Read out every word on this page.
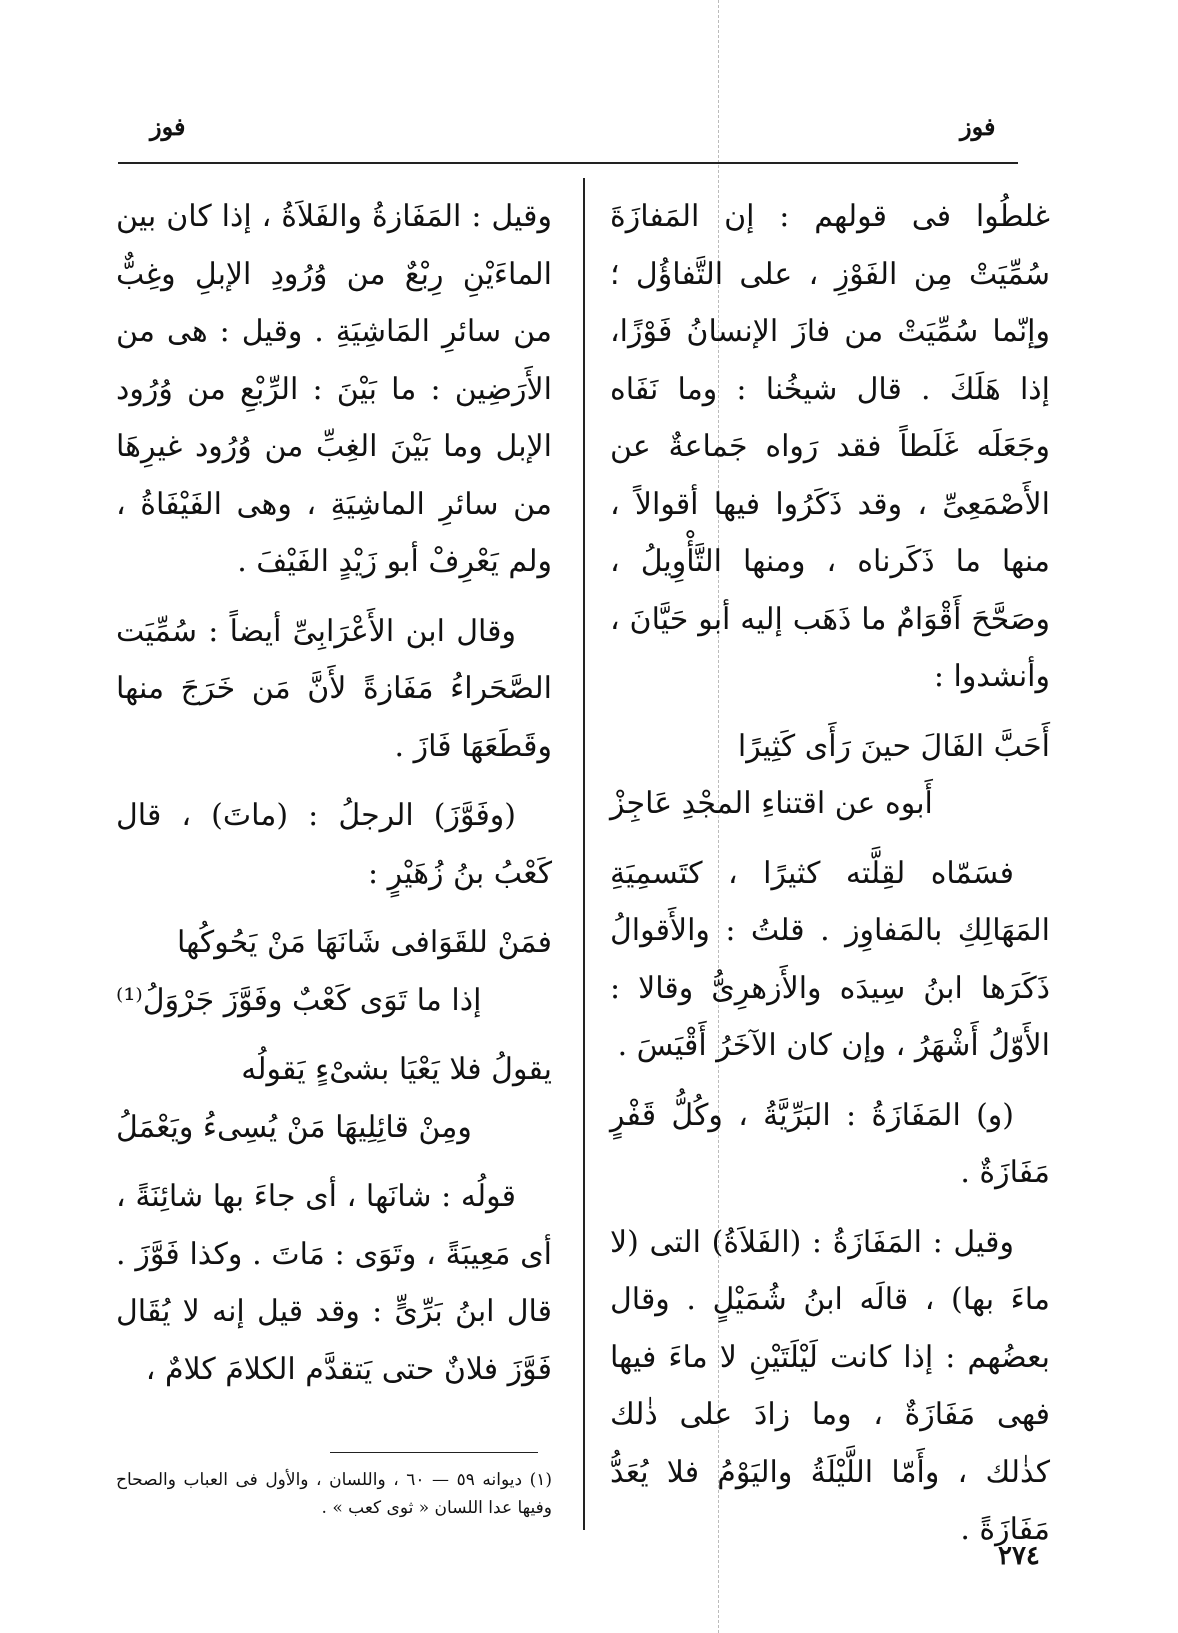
فوز
فوز

غلطُوا فى قولهم : إن المَفازَةَ سُمِّيَتْ مِن الفَوْزِ ، على التَّفاؤُل ؛ وإنّما سُمِّيَتْ من فازَ الإنسانُ فَوْزًا، إذا هَلَكَ . قال شيخُنا : وما نَفَاه وجَعَلَه غَلَطاً فقد رَواه جَماعةٌ عن الأَصْمَعِىِّ ، وقد ذَكَرُوا فيها أقوالاً ، منها ما ذَكَرناه ، ومنها التَّأْوِيلُ ، وصَحَّحَ أَقْوَامٌ ما ذَهَب إليه أبو حَيَّانَ ، وأنشدوا :

أَحَبَّ الفَالَ حينَ رَأَى كَثِيرًا
أَبوه عن اقتناءِ المجْدِ عَاجِزْ

فسَمّاه لقِلَّته كثيرًا ، كتَسمِيَةِ المَهَالِكِ بالمَفاوِز . قلتُ : والأَقوالُ ذَكَرَها ابنُ سِيدَه والأَزهرِىُّ وقالا : الأَوّلُ أَشْهَرُ ، وإن كان الآخَرُ أَقْيَسَ .

(و) المَفَازَةُ : البَرِّيَّةُ ، وكُلُّ قَفْرٍ مَفَازَةٌ .

وقيل : المَفَازَةُ : (الفَلاَةُ) التى (لا ماءَ بها) ، قالَه ابنُ شُمَيْلٍ . وقال بعضُهم : إذا كانت لَيْلَتَيْنِ لا ماءَ فيها فهى مَفَازَةٌ ، وما زادَ على ذٰلك كذٰلك ، وأَمّا اللَّيْلَةُ واليَوْمُ فلا يُعَدُّ مَفَازَةً .

وقيل : المَفَازةُ والفَلاَةُ ، إذا كان بين الماءَيْنِ رِبْعٌ من وُرُودِ الإبلِ وغِبٌّ من سائرِ المَاشِيَةِ . وقيل : هى من الأَرَضِين : ما بَيْنَ : الرِّبْعِ من وُرُود الإبل وما بَيْنَ الغِبِّ من وُرُود غيرِهَا من سائرِ الماشِيَةِ ، وهى الفَيْفَاةُ ، ولم يَعْرِفْ أبو زَيْدٍ الفَيْفَ .

وقال ابن الأَعْرَابِىِّ أيضاً : سُمِّيَت الصَّحَراءُ مَفَازةً لأَنَّ مَن خَرَجَ منها وقَطَعَهَا فَازَ .

(وفَوَّزَ) الرجلُ : (ماتَ) ، قال كَعْبُ بنُ زُهَيْرٍ :

فمَنْ للقَوَافى شَانَهَا مَنْ يَحُوكُها
إذا ما تَوَى كَعْبٌ وفَوَّزَ جَرْوَلُ⁽¹⁾
يقولُ فلا يَعْيَا بشىْءٍ يَقولُه
ومِنْ قائِلِيهَا مَنْ يُسِىءُ ويَعْمَلُ

قولُه : شانَها ، أى جاءَ بها شائِنَةً ، أى مَعِيبَةً ، وتَوَى : مَاتَ . وكذا فَوَّزَ . قال ابنُ بَرِّىٍّ : وقد قيل إنه لا يُقَال فَوَّزَ فلانٌ حتى يَتقدَّم الكلامَ كلامٌ ،

(١) ديوانه ٥٩ — ٦٠ ، واللسان ، والأول فى العباب والصحاح وفيها عدا اللسان « ثوى كعب » .
٢٧٤
